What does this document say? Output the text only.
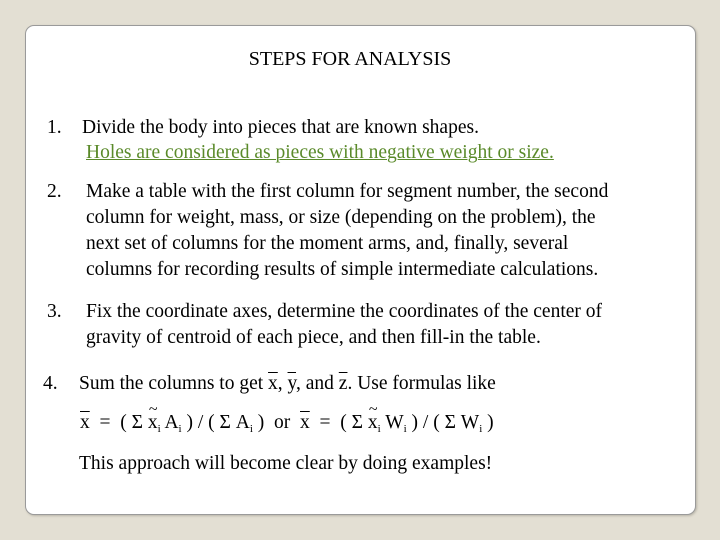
STEPS FOR ANALYSIS
1. Divide the body into pieces that are known shapes.
Holes are considered as pieces with negative weight or size.
2. Make a table with the first column for segment number, the second
column for weight, mass, or size (depending on the problem), the
next set of columns for the moment arms, and, finally, several
columns for recording results of simple intermediate calculations.
3. Fix the coordinate axes, determine the coordinates of the center of
gravity of centroid of each piece, and then fill-in the table.
4. Sum the columns to get $\overline{x}$, $\overline{y}$, and $\overline{z}$. Use formulas like
$\overline{x}$  =  ( Σ ~ $x_i$ $A_i$ ) / ( Σ $A_i$ )  or  $\overline{x}$  =  ( Σ ~ $x_i$ $W_i$ ) / ( Σ $W_i$ )
This approach will become clear by doing examples!
